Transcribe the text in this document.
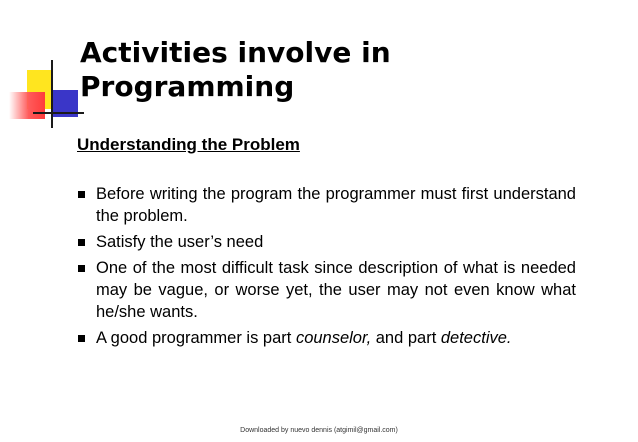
Activities involve in
Programming
Understanding the Problem
Before writing the program the programmer must first understand the problem.
Satisfy the user’s need
One of the most difficult task since description of what is needed may be vague, or worse yet, the user may not even know what he/she wants.
A good programmer is part counselor, and part detective.
Downloaded by nuevo dennis (atgimil@gmail.com)
